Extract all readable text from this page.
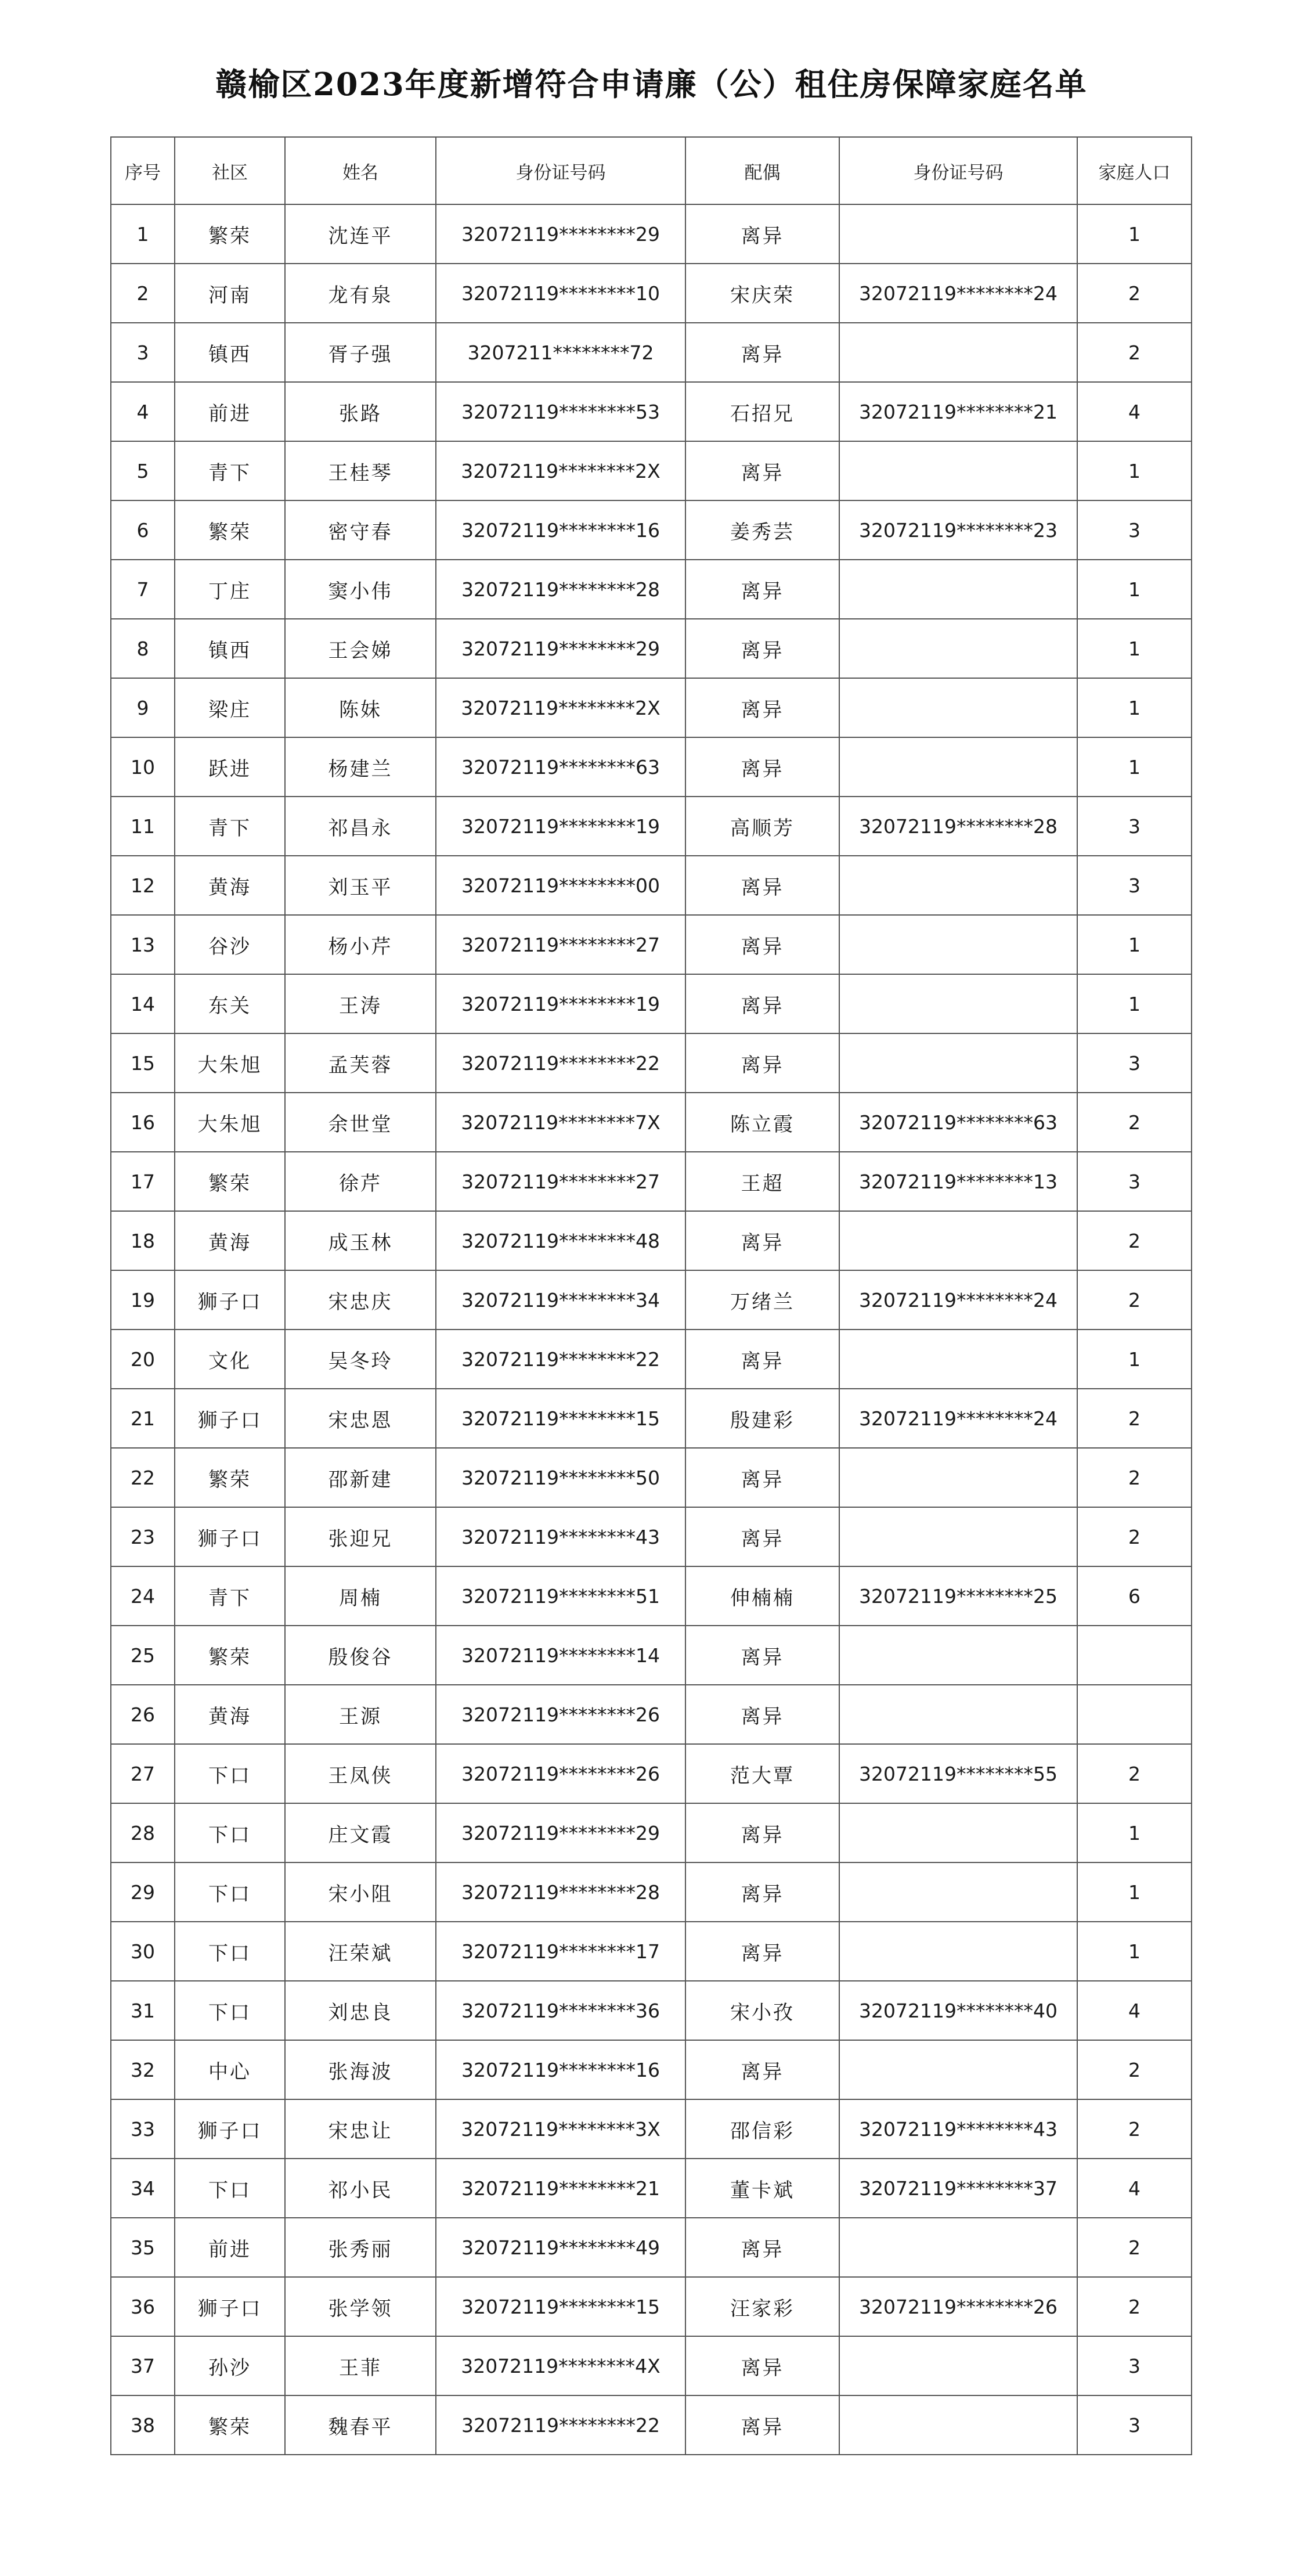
赣榆区2023年度新增符合申请廉（公）租住房保障家庭名单
序号	社区	姓名	身份证号码	配偶	身份证号码	家庭人口
1	繁荣	沈连平	32072119********29	离异		1
2	河南	龙有泉	32072119********10	宋庆荣	32072119********24	2
3	镇西	胥子强	3207211********72	离异		2
4	前进	张路	32072119********53	石招兄	32072119********21	4
5	青下	王桂琴	32072119********2X	离异		1
6	繁荣	密守春	32072119********16	姜秀芸	32072119********23	3
7	丁庄	窦小伟	32072119********28	离异		1
8	镇西	王会娣	32072119********29	离异		1
9	梁庄	陈妹	32072119********2X	离异		1
10	跃进	杨建兰	32072119********63	离异		1
11	青下	祁昌永	32072119********19	高顺芳	32072119********28	3
12	黄海	刘玉平	32072119********00	离异		3
13	谷沙	杨小芹	32072119********27	离异		1
14	东关	王涛	32072119********19	离异		1
15	大朱旭	孟芙蓉	32072119********22	离异		3
16	大朱旭	余世堂	32072119********7X	陈立霞	32072119********63	2
17	繁荣	徐芹	32072119********27	王超	32072119********13	3
18	黄海	成玉林	32072119********48	离异		2
19	狮子口	宋忠庆	32072119********34	万绪兰	32072119********24	2
20	文化	吴冬玲	32072119********22	离异		1
21	狮子口	宋忠恩	32072119********15	殷建彩	32072119********24	2
22	繁荣	邵新建	32072119********50	离异		2
23	狮子口	张迎兄	32072119********43	离异		2
24	青下	周楠	32072119********51	伸楠楠	32072119********25	6
25	繁荣	殷俊谷	32072119********14	离异		
26	黄海	王源	32072119********26	离异		
27	下口	王凤侠	32072119********26	范大覃	32072119********55	2
28	下口	庄文霞	32072119********29	离异		1
29	下口	宋小阻	32072119********28	离异		1
30	下口	汪荣斌	32072119********17	离异		1
31	下口	刘忠良	32072119********36	宋小孜	32072119********40	4
32	中心	张海波	32072119********16	离异		2
33	狮子口	宋忠让	32072119********3X	邵信彩	32072119********43	2
34	下口	祁小民	32072119********21	董卡斌	32072119********37	4
35	前进	张秀丽	32072119********49	离异		2
36	狮子口	张学领	32072119********15	汪家彩	32072119********26	2
37	孙沙	王菲	32072119********4X	离异		3
38	繁荣	魏春平	32072119********22	离异		3
